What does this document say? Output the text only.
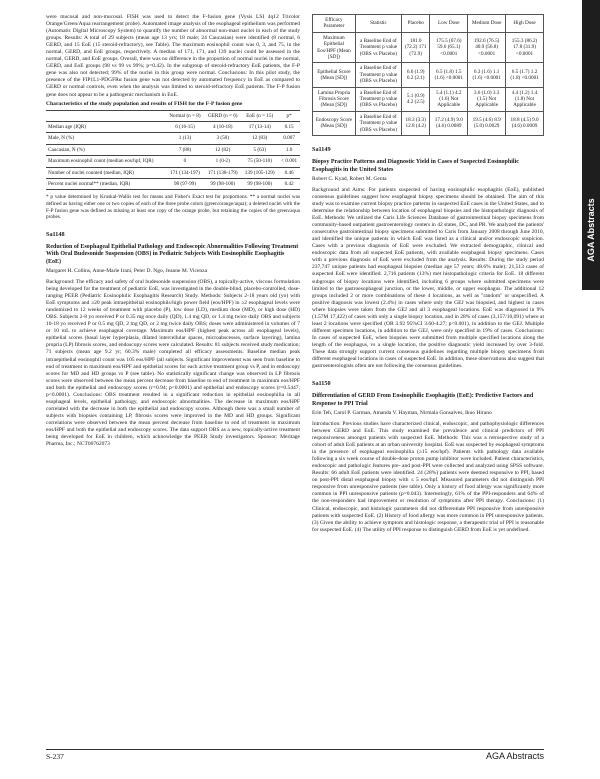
AGA Abstracts

were mucosal and non-mucosal. FISH was used to detect the F-fusion gene (Vysis LSI 4q12 Tricolor Orange/Green/Aqua rearrangement probe). Automated image analysis of the esophageal epithelium was performed (Automatic Digital Microscopy System) to quantify the number of abnormal non-mast nuclei in each of the study groups. Results: A total of 29 subjects (mean age 13 yrs; 18 male; 24 Caucasian) were identified (8 normal, 6 GERD, and 15 EoE (15 steroid-refractory), see Table). The maximum eosinophil count was 0, 3, and 75, in the normal, GERD, and EoE groups, respectively. A median of 171, 171, and 139 nuclei could be assessed in the normal, GERD, and EoE groups. Overall, there was no difference in the proportion of normal nuclei in the normal, GERD, and EoE groups (98 vs 99 vs 99%; p=0.42). In the subgroup of steroid-refractory EoE patients, the F-P gene was also not detected; 99% of the nuclei in this group were normal. Conclusions: In this pilot study, the presence of the FIP1L1-PDGFRα fusion gene was not detected by automated frequency in EoE as compared to GERD or normal controls, even when the analysis was limited to steroid-refractory EoE patients. The F-P fusion gene does not appear to be a pathogenic mechanism in EoE.

Characteristics of the study population and results of FISH for the F-P fusion gene
	Normal (n = 8)	GERD (n = 6)	EoE (n = 15)	p*
Median age (IQR)	6 (16-15)	4 (10-18)	17 (13-14)	0.15
Male, N (%)	1 (13)	3 (50)	12 (83)	0.007
Caucasian, N (%)	7 (88)	12 (82)	5 (63)	1.0
Maximum eosinophil count (median eos/hpf, IQR)	0	1 (0-2)	75 (50-110)	< 0.001
Number of nuclei counted (median, IQR)	171 (134-197)	171 (138-179)	139 (105-129)	0.46
Percent nuclei normal** (median, IQR)	98 (97-99)	99 (98-100)	99 (98-100)	0.42

* p value determined by Kruskal-Wallis test for means and Fisher's Exact test for proportions. ** a normal nuclei was defined as having either one or two copies of each of the three probe colors (green/orange/aqua); a deleted nuclei with the F-P fusion gene was defined as missing at least one copy of the orange probe, but retaining the copies of the green/aqua probes.

Sa1148
Reduction of Esophageal Epithelial Pathology and Endoscopic Abnormalities Following Treatment With Oral Budesonide Suspension (OBS) in Pediatric Subjects With Eosinophilic Esophagitis (EoE)
Margaret H. Collins, Anne-Marie Irani, Peter D. Ngo, Jeanne M. Vicenza

Background: The efficacy and safety of oral budesonide suspension (OBS), a topically-active, viscous formulation being developed for the treatment of pediatric EoE, was investigated in the double-blind, placebo-controlled, dose-ranging PEER (Pediatric Eosinophilic Esophagitis Research) Study. Methods: Subjects 2-18 years old (yo) with EoE symptoms and ≥20 peak intraepithelial eosinophils/high power field (eos/HPF) in ≥2 esophageal levels were randomized to 12 weeks of treatment with placebo (P), low dose (LD), medium dose (MD), or high dose (HD) OBS. Subjects 2-8 yo received P or 0.35 mg once daily (QD), 1.4 mg QD, or 1.4 mg twice daily OBS and subjects 10-18 yo received P or 0.5 mg QD, 2 mg QD, or 2 mg twice daily OBS; doses were administered in volumes of 7 or 10 mL to achieve esophageal coverage. Maximum eos/HPF (highest peak across all esophageal levels), epithelial scores (basal layer hyperplasia, dilated intercellular spaces, microabscesses, surface layering), lamina propria (LP) fibrosis scores, and endoscopy scores were calculated. Results: 81 subjects received study medication; 71 subjects (mean age 9.2 yr; 60.3% male) completed all efficacy assessments. Baseline median peak intraepithelial eosinophil count was 105 eos/HPF (all subjects. Significant improvement was seen from baseline to end of treatment in maximum eos/HPF and epithelial scores for each active treatment group vs P, and in endoscopy scores for MD and HD groups vs P (see table). No statistically significant change was observed in LP fibrosis scores were observed between the mean percent decrease from baseline to end of treatment in maximum eos/HPF and both the epithelial and endoscopy scores (r=0.94; p<0.0001) and epithelial and endoscopy scores (r=0.5447; p<0.0001). Conclusions: OBS treatment resulted in a significant reduction in epithelial eosinophilia in all esophageal levels, epithelial pathology, and endoscopic abnormalities. The decrease in maximum eos/HPF correlated with the decrease in both the epithelial and endoscopy scores. Although there was a small number of subjects with biopsies containing LP, fibrosis scores were improved in the MD and HD groups. Significant correlations were observed between the mean percent decrease from baseline to end of treatment in maximum eos/HPF and both the epithelial and endoscopy scores. The data support OBS as a new, topically-active treatment being developed for EoE in children, which acknowledge the PEER Study investigators. Sponsor: Meritage Pharma, Inc.; NCT00762073

Efficacy Parameter	Statistic	Placebo	Low Dose	Medium Dose	High Dose
Maximum Epithelial Eos/HPF (Mean [SD])	a Baseline End of Treatment p value (OBS vs Placebo)	181.0 (72.2) 171 (72.9)	175.5 (67.6) 59.6 (65.1) <0.0001	192.6 (76.5) 40.9 (56.8) <0.0001	155.3 (86.2) 17.8 (31.9) <0.0001
Epithelial Score (Mean [SD])	a Baseline End of Treatment p value (OBS vs Placebo)	6.6 (1.9) 6.2 (2.1)	6.5 (1.8) 1.5 (1.6) <0.0001	6.3 (1.6) 1.1 (1.6) <0.0001	6.5 (1.7) 1.2 (1.8) <0.0001
Lamina Propria Fibrosis Score (Mean [SD])	a Baseline End of Treatment p value (OBS vs Placebo)	5.1 (0.9) 4.2 (2.5)	5.4 (1.1) 4.2 (1.6) Not Applicable	3.6 (1.0) 3.3 (1.5) Not Applicable	4.4 (1.2) 1.4 (1.8) Not Applicable
Endoscopy Score (Mean [SD])	a Baseline End of Treatment p value (OBS vs Placebo)	18.3 (3.3) 12.8 (4.2)	17.2 (4.9) 9.0 (4.6) 0.0089	19.5 (4.6) 8.9 (5.0) 0.0029	18.8 (4.5) 9.0 (4.6) 0.0009
Sa1149
Biopsy Practice Patterns and Diagnostic Yield in Cases of Suspected Eosinophilic Esophagitis in the United States
Robert C. Kyad, Robert M. Genta

Background and Aims: For patients suspected of having eosinophilic esophagitis (EoE), published consensus guidelines suggest how esophageal biopsy specimens should be obtained. The aim of this study was to examine current biopsy practice patterns in suspected EoE cases in the United States, and to determine the relationship between location of esophageal biopsies and the histopathologic diagnosis of EoE. Methods: We utilized the Caris Life Sciences Database of gastrointestinal biopsy specimens from community-based outpatient gastroenterology centers in 42 states, DC, and PR. We analyzed the patients' consecutive gastrointestinal biopsy specimens submitted to Caris from January 2008 through June 2010, and identified the unique patients in which EoE was listed as a clinical and/or endoscopic suspicion. Cases with a previous diagnosis of EoE were excluded. We extracted demographic, clinical and endoscopic data from all suspected EoE patients, with available esophageal biopsy specimens. Cases with a previous diagnosis of EoE were excluded from the analysis. Results: During the study period 237,747 unique patients had esophageal biopsies (median age 57 years; 48.6% male); 21,513 cases of suspected EoE were identified. 2,716 patients (13%) met histopathologic criteria for EoE. 18 different subgroups of biopsy locations were identified, including 6 groups where submitted specimens were limited to the gastroesophageal junction, or the lower, middle, or upper esophagus. The additional 12 groups included 2 or more combinations of these 4 locations, as well as "random" or unspecified. A positive diagnosis was lowest (2.4%) in cases where only the GEJ was biopsied, and highest in cases where biopsies were taken from the GEJ and all 3 esophageal locations. EoE was diagnosed in 9% (1.57M 17,422) of cases with only a single biopsy location, and in 28% of cases (3,157/10,091) where at least 2 locations were specified (OR 3.92 95%CI 3.60-4.27; p<0.001), in addition to the GEJ. Multiple different specimen locations, in addition to the GEJ, were only specified in 19% of cases. Conclusions: In cases of suspected EoE, when biopsies were submitted from multiple specified locations along the length of the esophagus, vs a single location, the positive diagnostic yield increased by over 3-fold. These data strongly support current consensus guidelines regarding multiple biopsy specimens from different esophageal locations in cases of suspected EoE. In addition, these observations also suggest that gastroenterologists often are not following the consensus guidelines.

Sa1150
Differentiation of GERD From Eosinophilic Esophagitis (EoE): Predictive Factors and Response to PPI Trial
Erin Teh, Carol P. Garman, Amanda V. Hayman, Nirmala Gonsalves, Ikuo Hirano

Introduction: Previous studies have characterized clinical, endoscopic, and pathophysiologic differences between GERD and EoE. This study examined the prevalence and clinical predictors of PPI responsiveness amongst patients with suspected EoE. Methods: This was a retrospective study of a cohort of adult EoE patients at an urban university hospital. EoE was suspected by esophageal symptoms in the presence of esophageal eosinophilia (≥15 eos/hpf). Patients with pathology data available following a six week course of double-dose proton pump inhibitor were included. Patient characteristics, endoscopic and pathologic features pre- and post-PPI were collected and analyzed using SPSS software. Results: 66 adult EoE patients were identified. 24 (28%) patients were deemed responsive to PPI, based on post-PPI distal esophageal biopsy with ≤ 5 eos/hpf. Measured parameters did not distinguish PPI responsive from unresponsive patients (see table). Only a history of food allergy was significantly more common in PPI unresponsive patients (p=0.043). Interestingly, 61% of the PPI-responders and 64% of the non-responders had improvement or resolution of symptoms after PPI therapy. Conclusions: (1) Clinical, endoscopic, and histologic parameters did not differentiate PPI responsive from unresponsive patients with suspected EoE. (2) History of food allergy was more common in PPI unresponsive patients. (3) Given the ability to achieve symptom and histologic response, a therapeutic trial of PPI is reasonable for suspected EoE. (4) The utility of PPI response to distinguish GERD from EoE is yet undefined.

S-237	AGA Abstracts
